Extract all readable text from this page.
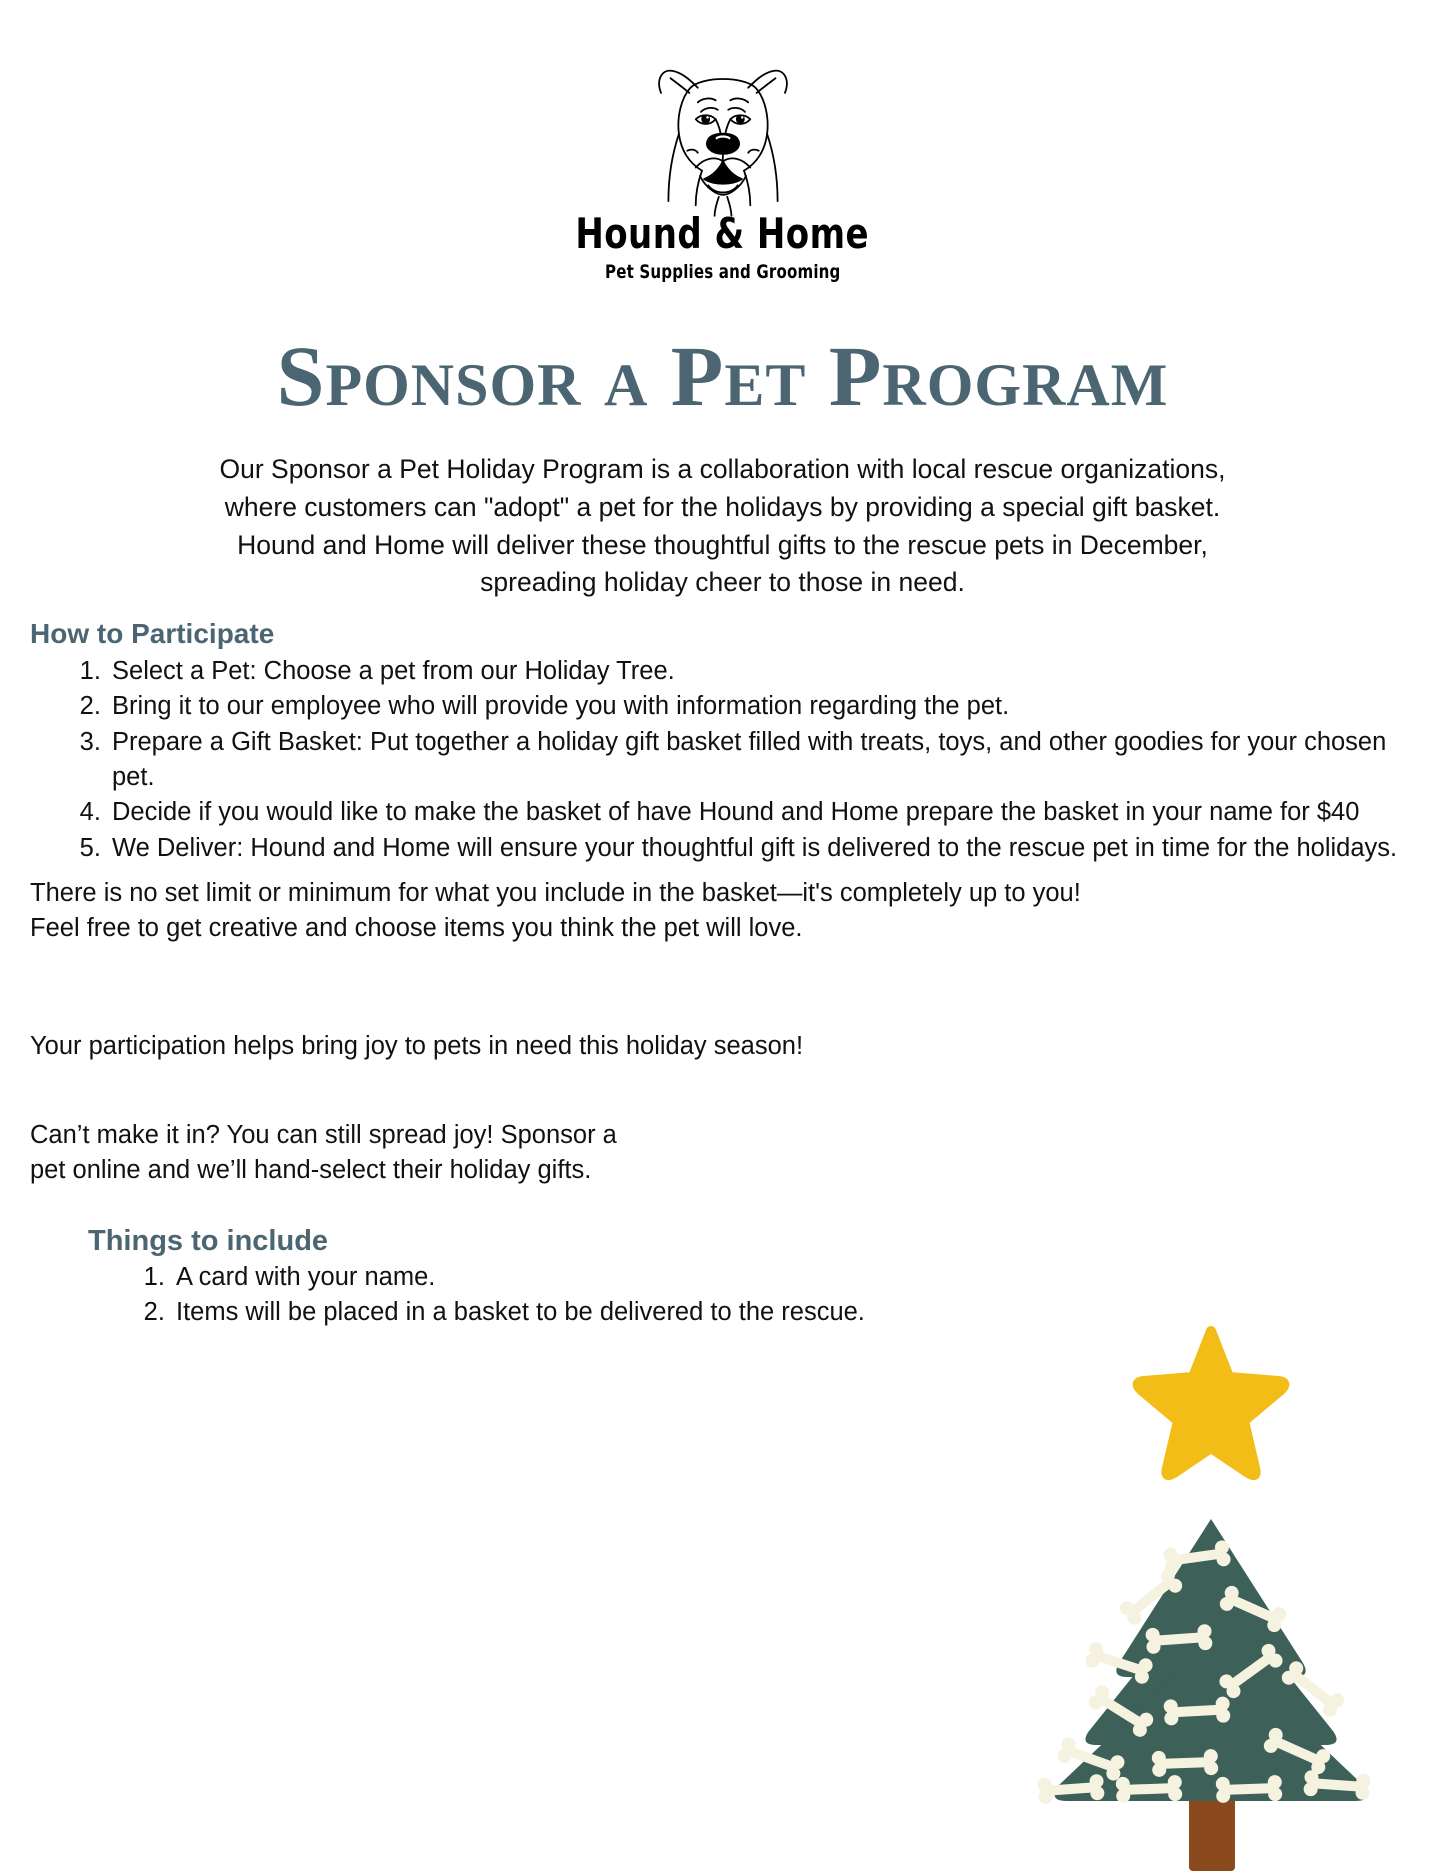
Hound & Home
Pet Supplies and Grooming
Sponsor a Pet Program

Our Sponsor a Pet Holiday Program is a collaboration with local rescue organizations, where customers can "adopt" a pet for the holidays by providing a special gift basket. Hound and Home will deliver these thoughtful gifts to the rescue pets in December, spreading holiday cheer to those in need.

How to Participate
1. Select a Pet: Choose a pet from our Holiday Tree.
2. Bring it to our employee who will provide you with information regarding the pet.
3. Prepare a Gift Basket: Put together a holiday gift basket filled with treats, toys, and other goodies for your chosen pet.
4. Decide if you would like to make the basket of have Hound and Home prepare the basket in your name for $40
5. We Deliver: Hound and Home will ensure your thoughtful gift is delivered to the rescue pet in time for the holidays.

There is no set limit or minimum for what you include in the basket—it's completely up to you!

Feel free to get creative and choose items you think the pet will love.

Your participation helps bring joy to pets in need this holiday season!

Can’t make it in? You can still spread joy! Sponsor a

pet online and we’ll hand-select their holiday gifts.

Things to include
1. A card with your name.
2. Items will be placed in a basket to be delivered to the rescue.
